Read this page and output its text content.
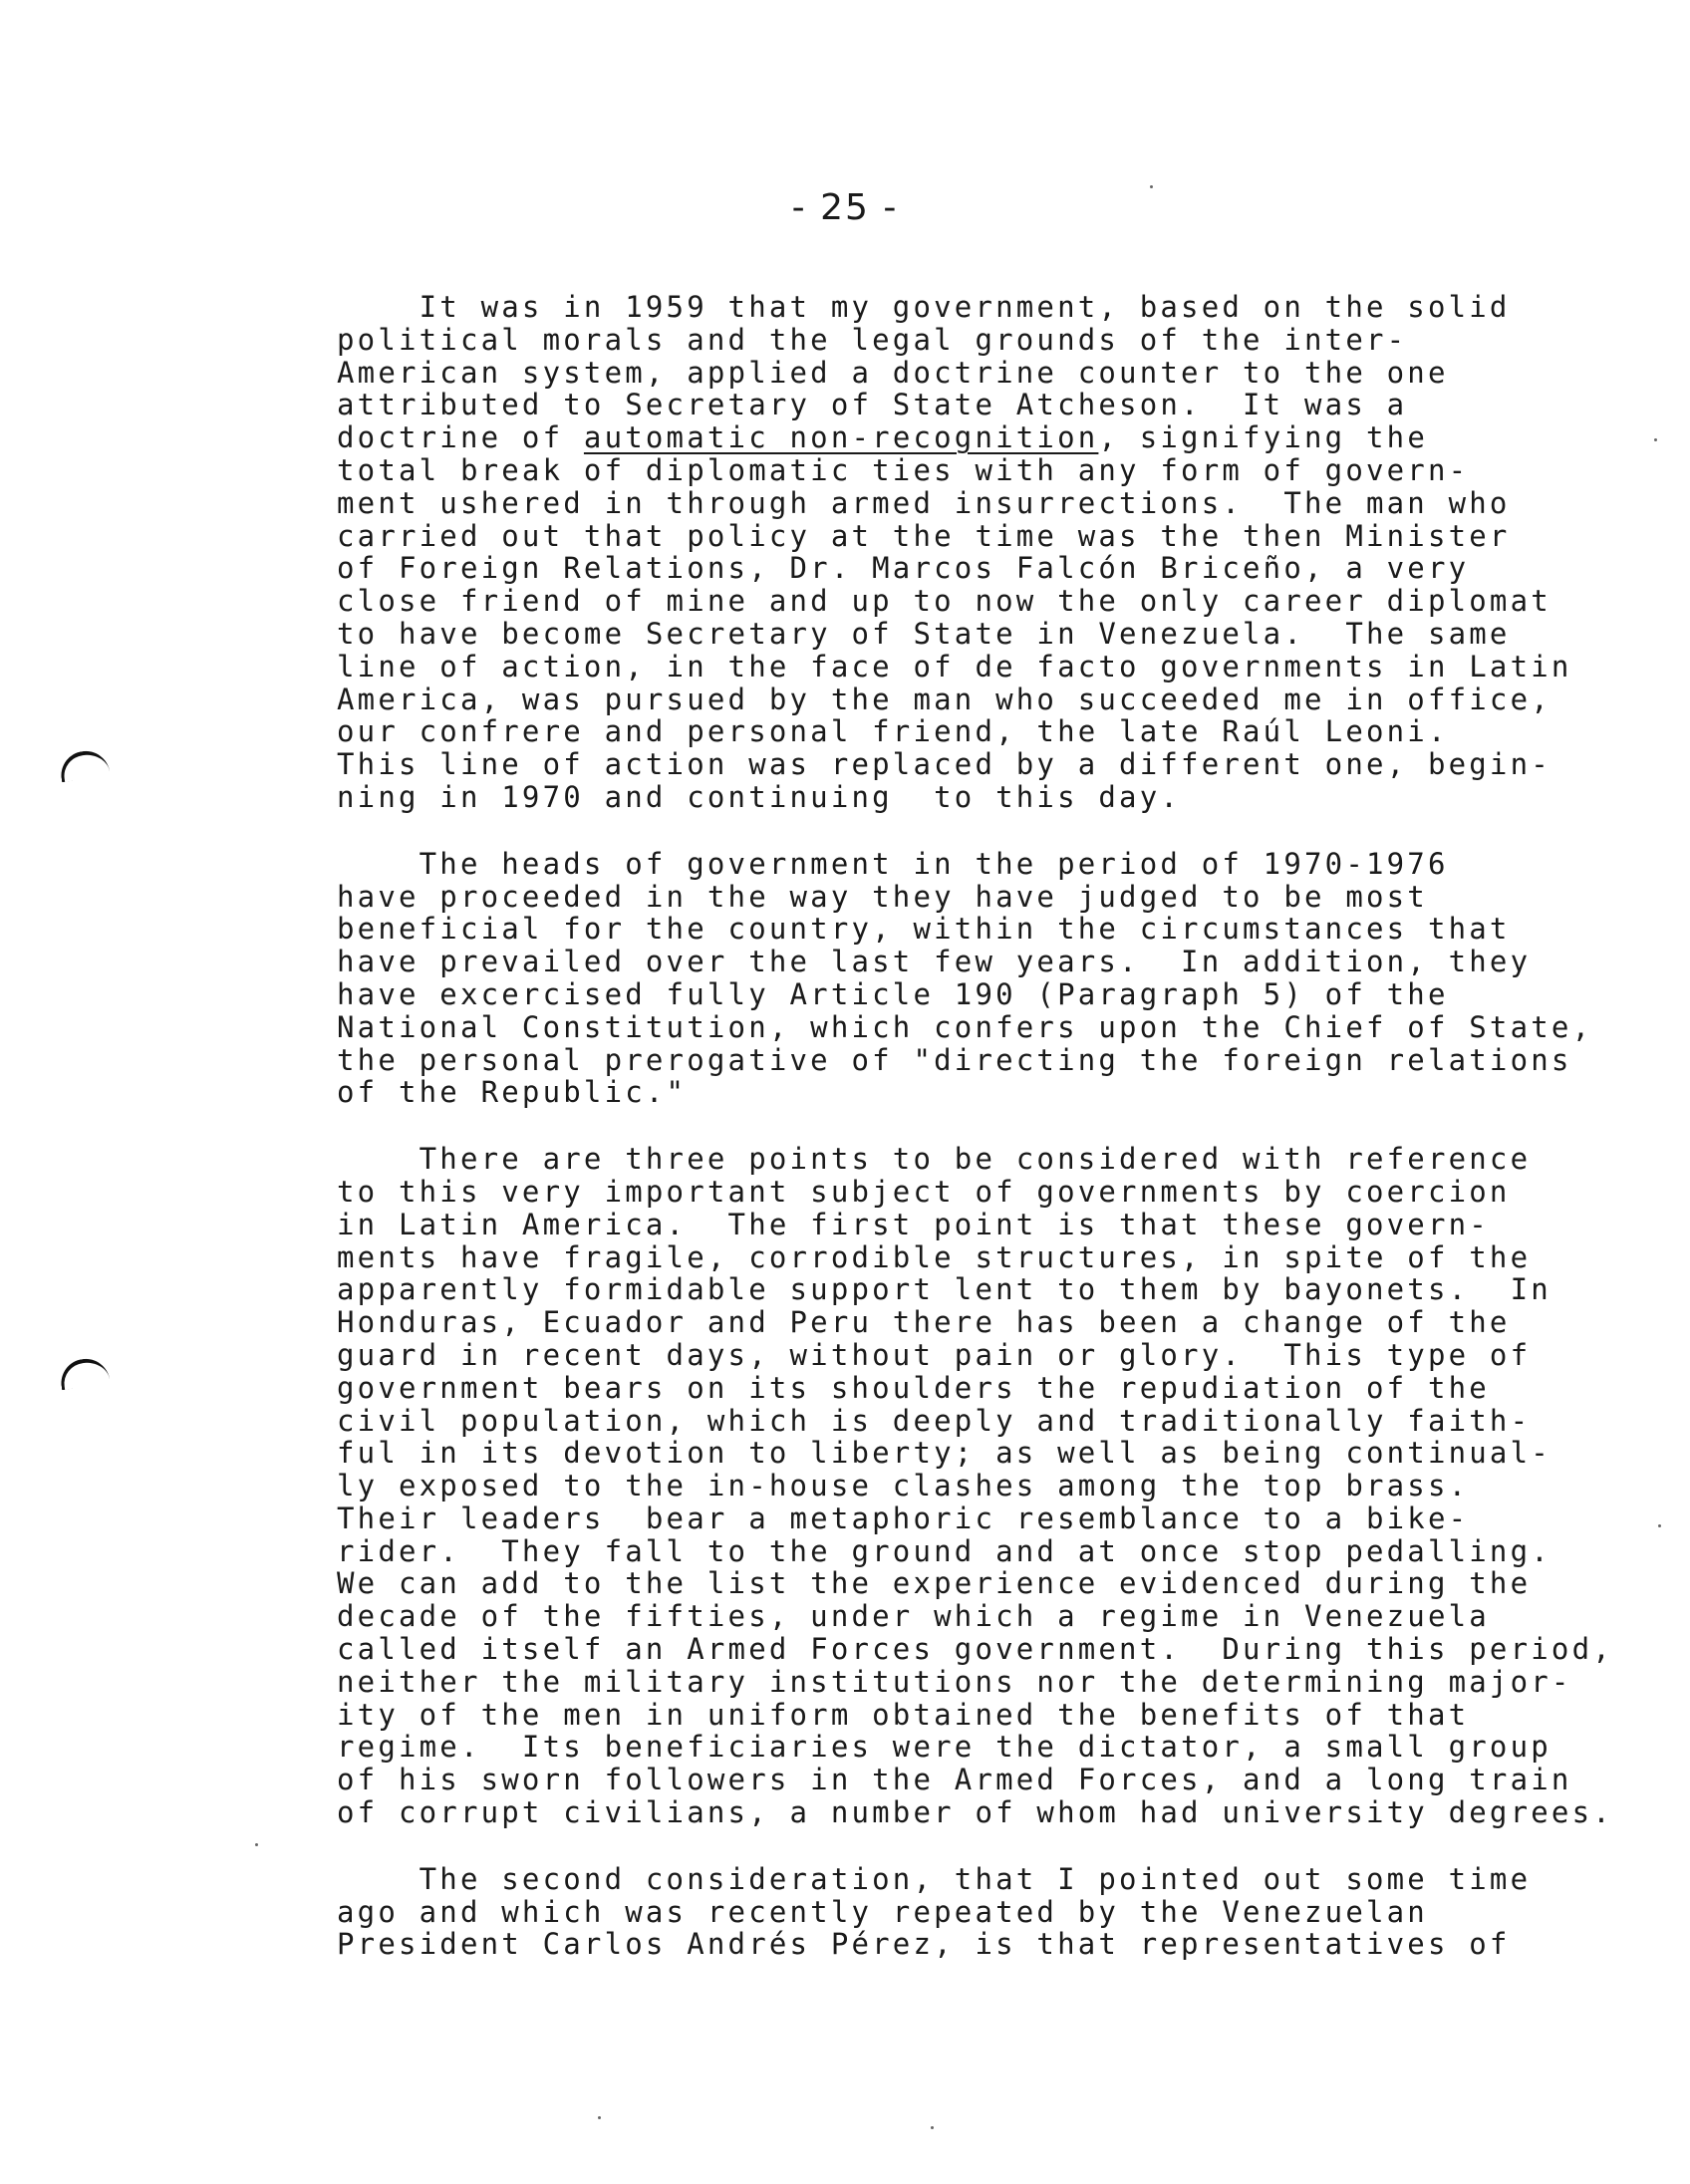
- 25 -
It was in 1959 that my government, based on the solid
political morals and the legal grounds of the inter-
American system, applied a doctrine counter to the one
attributed to Secretary of State Atcheson.  It was a
doctrine of automatic non-recognition, signifying the
total break of diplomatic ties with any form of govern-
ment ushered in through armed insurrections.  The man who
carried out that policy at the time was the then Minister
of Foreign Relations, Dr. Marcos Falcón Briceño, a very
close friend of mine and up to now the only career diplomat
to have become Secretary of State in Venezuela.  The same
line of action, in the face of de facto governments in Latin
America, was pursued by the man who succeeded me in office,
our confrere and personal friend, the late Raúl Leoni.
This line of action was replaced by a different one, begin-
ning in 1970 and continuing  to this day.
The heads of government in the period of 1970-1976
have proceeded in the way they have judged to be most
beneficial for the country, within the circumstances that
have prevailed over the last few years.  In addition, they
have excercised fully Article 190 (Paragraph 5) of the
National Constitution, which confers upon the Chief of State,
the personal prerogative of "directing the foreign relations
of the Republic."
There are three points to be considered with reference
to this very important subject of governments by coercion
in Latin America.  The first point is that these govern-
ments have fragile, corrodible structures, in spite of the
apparently formidable support lent to them by bayonets.  In
Honduras, Ecuador and Peru there has been a change of the
guard in recent days, without pain or glory.  This type of
government bears on its shoulders the repudiation of the
civil population, which is deeply and traditionally faith-
ful in its devotion to liberty; as well as being continual-
ly exposed to the in-house clashes among the top brass.
Their leaders  bear a metaphoric resemblance to a bike-
rider.  They fall to the ground and at once stop pedalling.
We can add to the list the experience evidenced during the
decade of the fifties, under which a regime in Venezuela
called itself an Armed Forces government.  During this period,
neither the military institutions nor the determining major-
ity of the men in uniform obtained the benefits of that
regime.  Its beneficiaries were the dictator, a small group
of his sworn followers in the Armed Forces, and a long train
of corrupt civilians, a number of whom had university degrees.
The second consideration, that I pointed out some time
ago and which was recently repeated by the Venezuelan
President Carlos Andrés Pérez, is that representatives of
